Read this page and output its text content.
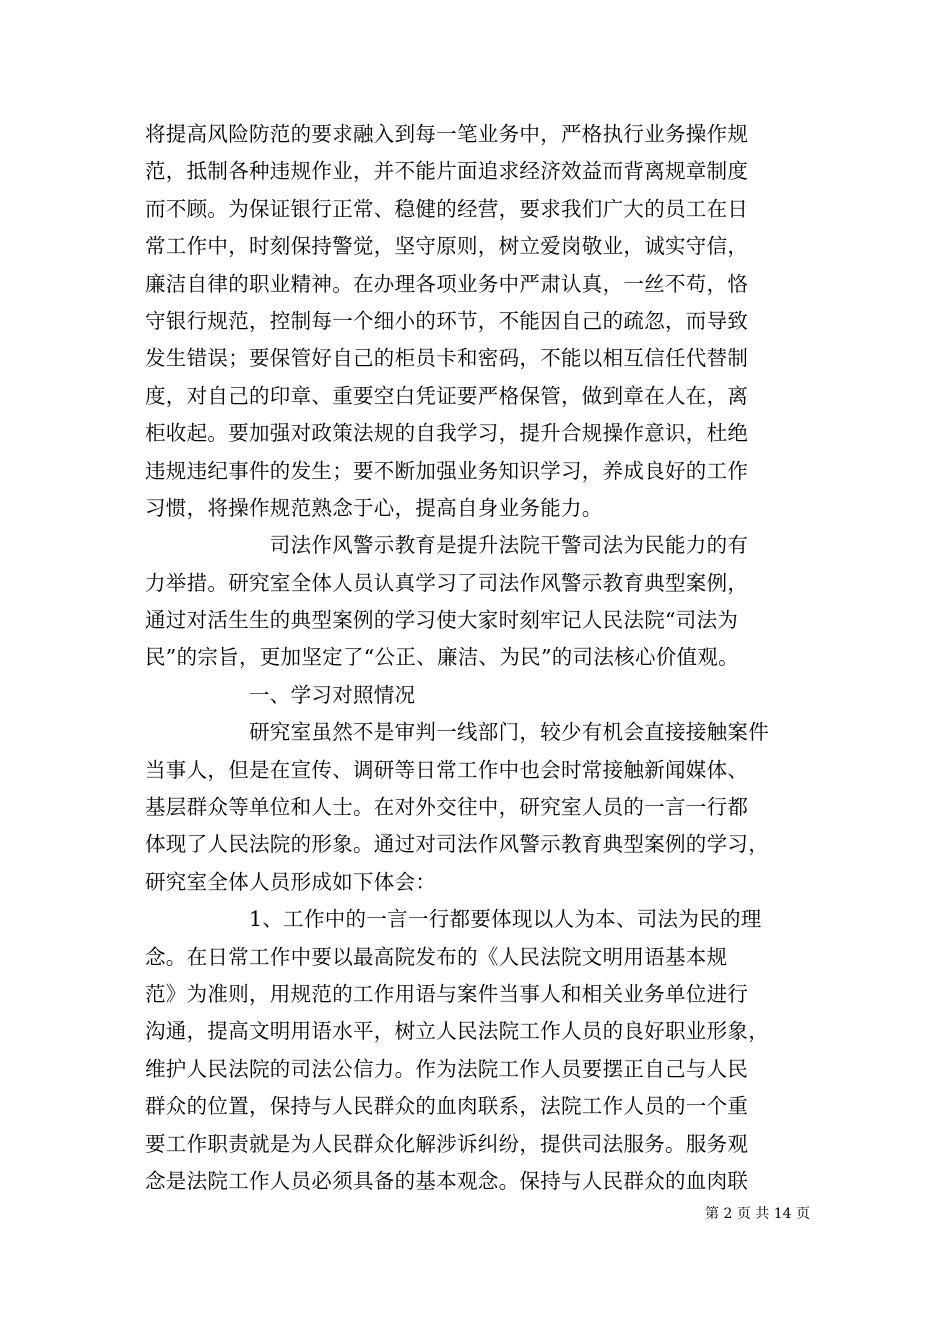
将提高风险防范的要求融入到每一笔业务中，严格执行业务操作规
范，抵制各种违规作业，并不能片面追求经济效益而背离规章制度
而不顾。为保证银行正常、稳健的经营，要求我们广大的员工在日
常工作中，时刻保持警觉，坚守原则，树立爱岗敬业，诚实守信，
廉洁自律的职业精神。在办理各项业务中严肃认真，一丝不苟，恪
守银行规范，控制每一个细小的环节，不能因自己的疏忽，而导致
发生错误；要保管好自己的柜员卡和密码，不能以相互信任代替制
度，对自己的印章、重要空白凭证要严格保管，做到章在人在，离
柜收起。要加强对政策法规的自我学习，提升合规操作意识，杜绝
违规违纪事件的发生；要不断加强业务知识学习，养成良好的工作
习惯，将操作规范熟念于心，提高自身业务能力。
　　　　　　司法作风警示教育是提升法院干警司法为民能力的有
力举措。研究室全体人员认真学习了司法作风警示教育典型案例，
通过对活生生的典型案例的学习使大家时刻牢记人民法院“司法为
民”的宗旨，更加坚定了“公正、廉洁、为民”的司法核心价值观。
　　　　　一、学习对照情况
　　　　　研究室虽然不是审判一线部门，较少有机会直接接触案件
当事人，但是在宣传、调研等日常工作中也会时常接触新闻媒体、
基层群众等单位和人士。在对外交往中，研究室人员的一言一行都
体现了人民法院的形象。通过对司法作风警示教育典型案例的学习，
研究室全体人员形成如下体会：
　　　　　1、工作中的一言一行都要体现以人为本、司法为民的理
念。在日常工作中要以最高院发布的《人民法院文明用语基本规
范》为准则，用规范的工作用语与案件当事人和相关业务单位进行
沟通，提高文明用语水平，树立人民法院工作人员的良好职业形象，
维护人民法院的司法公信力。作为法院工作人员要摆正自己与人民
群众的位置，保持与人民群众的血肉联系，法院工作人员的一个重
要工作职责就是为人民群众化解涉诉纠纷，提供司法服务。服务观
念是法院工作人员必须具备的基本观念。保持与人民群众的血肉联
第 2 页 共 14 页
